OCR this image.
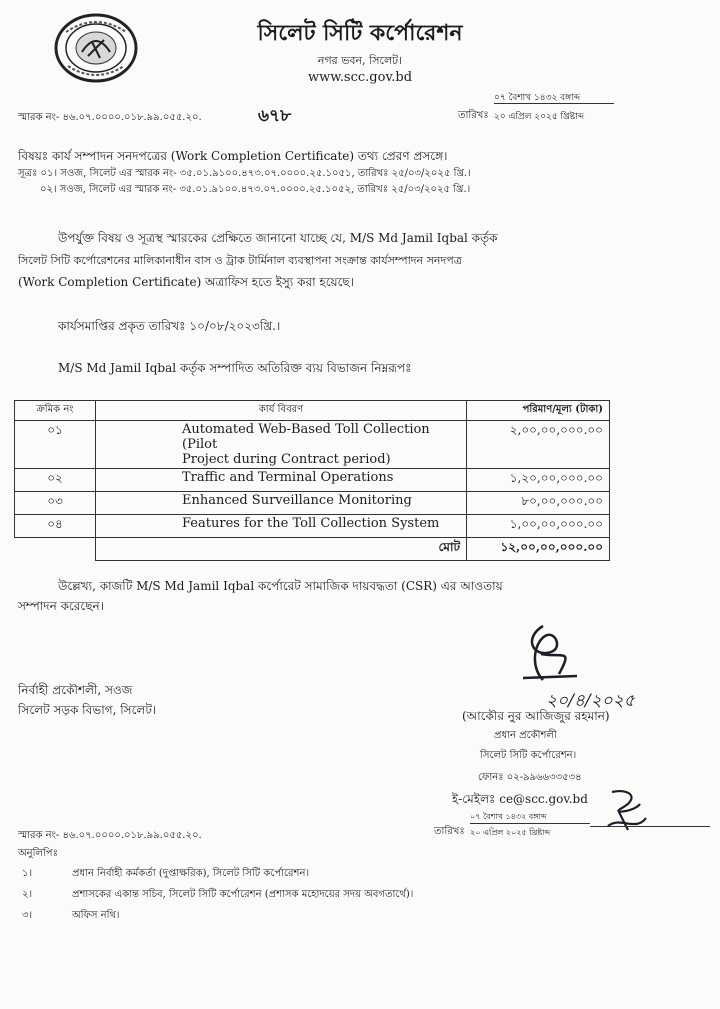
সিলেট সিটি কর্পোরেশন
নগর ভবন, সিলেট।
www.scc.gov.bd
স্মারক নং- ৪৬.০৭.০০০০.০১৮.৯৯.০৫৫.২০.	৬৭৮	তারিখঃ
০৭ বৈশাখ ১৪৩২ বঙ্গাব্দ
২০ এপ্রিল ২০২৫ খ্রিষ্টাব্দ
বিষয়ঃ কার্য সম্পাদন সনদপত্রের (Work Completion Certificate) তথ্য প্রেরণ প্রসঙ্গে।
সূত্রঃ ০১। সওজ, সিলেট এর স্মারক নং- ৩৫.০১.৯১০০.৪৭৩.০৭.০০০০.২৫.১০৫১, তারিখঃ ২৫/০৩/২০২৫ খ্রি.।
০২। সওজ, সিলেট এর স্মারক নং- ৩৫.০১.৯১০০.৪৭৩.০৭.০০০০.২৫.১০৫২, তারিখঃ ২৫/০৩/২০২৫ খ্রি.।
উপর্যুক্ত বিষয় ও সূত্রস্থ স্মারকের প্রেক্ষিতে জানানো যাচ্ছে যে, M/S Md Jamil Iqbal কর্তৃক
সিলেট সিটি কর্পোরেশনের মালিকানাধীন বাস ও ট্রাক টার্মিনাল ব্যবস্থাপনা সংক্রান্ত কার্যসম্পাদন সনদপত্র
(Work Completion Certificate) অত্রাফিস হতে ইস্যু করা হয়েছে।
কার্যসমাপ্তির প্রকৃত তারিখঃ ১০/০৮/২০২৩খ্রি.।
M/S Md Jamil Iqbal কর্তৃক সম্পাদিত অতিরিক্ত ব্যয় বিভাজন নিম্নরূপঃ
ক্রমিক নং	কার্য বিবরণ	পরিমাণ/মূল্য (টাকা)
০১	Automated Web-Based Toll Collection (Pilot
Project during Contract period)	২,০০,০০,০০০.০০
০২	Traffic and Terminal Operations	১,২০,০০,০০০.০০
০৩	Enhanced Surveillance Monitoring	৮০,০০,০০০.০০
০৪	Features for the Toll Collection System	১,০০,০০,০০০.০০
	মোট	১২,০০,০০,০০০.০০
উল্লেখ্য, কাজটি M/S Md Jamil Iqbal কর্পোরেট সামাজিক দায়বদ্ধতা (CSR) এর আওতায়
সম্পাদন করেছেন।
নির্বাহী প্রকৌশলী, সওজ
সিলেট সড়ক বিভাগ, সিলেট।	২০/৪/২০২৫
(আকৌর নুর আজিজুর রহমান)
প্রধান প্রকৌশলী
সিলেট সিটি কর্পোরেশন।
ফোনঃ ০২-৯৯৬৬৩৩৫৩৪
ই-মেইলঃ ce@scc.gov.bd
স্মারক নং- ৪৬.০৭.০০০০.০১৮.৯৯.০৫৫.২০.	তারিখঃ
০৭ বৈশাখ ১৪৩২ বঙ্গাব্দ
২০ এপ্রিল ২০২৫ খ্রিষ্টাব্দ
অনুলিপিঃ
১।	প্রধান নির্বাহী কর্মকর্তা (দুপ্তাক্ষরিক), সিলেট সিটি কর্পোরেশন।
২।	প্রশাসকের একান্ত সচিব, সিলেট সিটি কর্পোরেশন (প্রশাসক মহোদয়ের সদয় অবগতার্থে)।
৩।	অফিস নথি।
